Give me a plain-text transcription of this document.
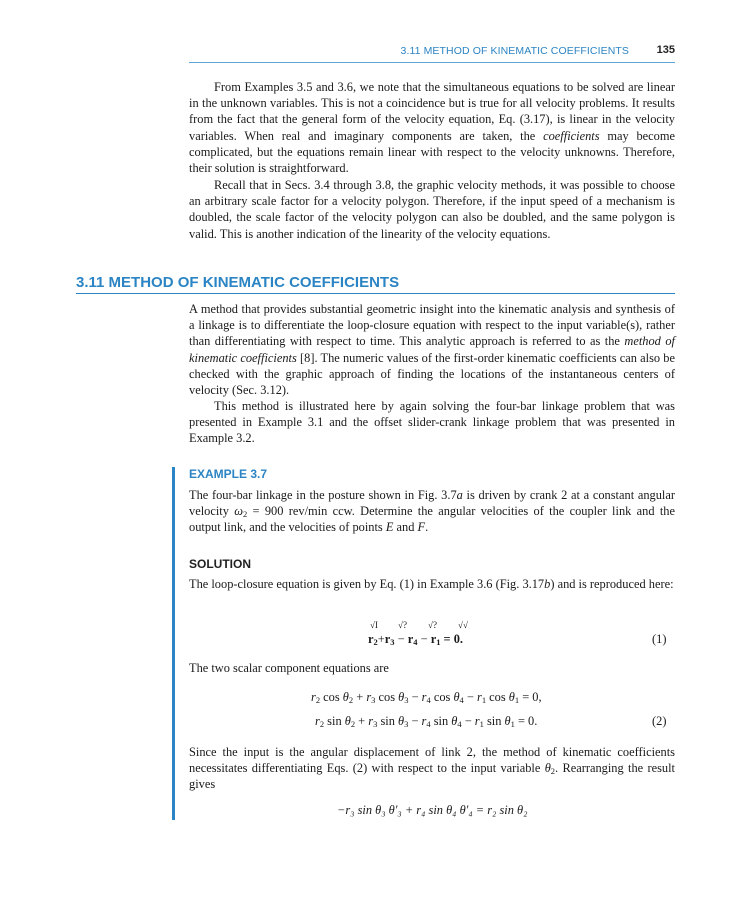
3.11 METHOD OF KINEMATIC COEFFICIENTS	135

From Examples 3.5 and 3.6, we note that the simultaneous equations to be solved are linear in the unknown variables. This is not a coincidence but is true for all velocity problems. It results from the fact that the general form of the velocity equation, Eq. (3.17), is linear in the velocity variables. When real and imaginary components are taken, the coefficients may become complicated, but the equations remain linear with respect to the velocity unknowns. Therefore, their solution is straightforward.

Recall that in Secs. 3.4 through 3.8, the graphic velocity methods, it was possible to choose an arbitrary scale factor for a velocity polygon. Therefore, if the input speed of a mechanism is doubled, the scale factor of the velocity polygon can also be doubled, and the same polygon is valid. This is another indication of the linearity of the velocity equations.

3.11 METHOD OF KINEMATIC COEFFICIENTS

A method that provides substantial geometric insight into the kinematic analysis and synthesis of a linkage is to differentiate the loop-closure equation with respect to the input variable(s), rather than differentiating with respect to time. This analytic approach is referred to as the method of kinematic coefficients [8]. The numeric values of the first-order kinematic coefficients can also be checked with the graphic approach of finding the locations of the instantaneous centers of velocity (Sec. 3.12).

This method is illustrated here by again solving the four-bar linkage problem that was presented in Example 3.1 and the offset slider-crank linkage problem that was presented in Example 3.2.

EXAMPLE 3.7

The four-bar linkage in the posture shown in Fig. 3.7a is driven by crank 2 at a constant angular velocity $\omega_2 = 900$ rev/min ccw. Determine the angular velocities of the coupler link and the output link, and the velocities of points E and F.

SOLUTION

The loop-closure equation is given by Eq. (1) in Example 3.6 (Fig. 3.17b) and is reproduced here:

√I √? √? √√
$r_2+r_3 - r_4 - r_1 = 0$.	(1)

The two scalar component equations are

$r_2$ $\cos \theta_2 + r_3$ $\cos \theta_3 - r_4$ $\cos \theta_4 - r_1$ $\cos \theta_1 = 0$,
$r_2$ $\sin \theta_2 + r_3$ $\sin \theta_3 - r_4$ $\sin \theta_4 - r_1$ $\sin \theta_1 = 0$.	(2)

Since the input is the angular displacement of link 2, the method of kinematic coefficients necessitates differentiating Eqs. (2) with respect to the input variable $\theta_2$. Rearranging the result gives

−r₃ sin θ₃ θ′₃ + r₄ sin θ₄ θ′₄ = r₂ sin θ₂
